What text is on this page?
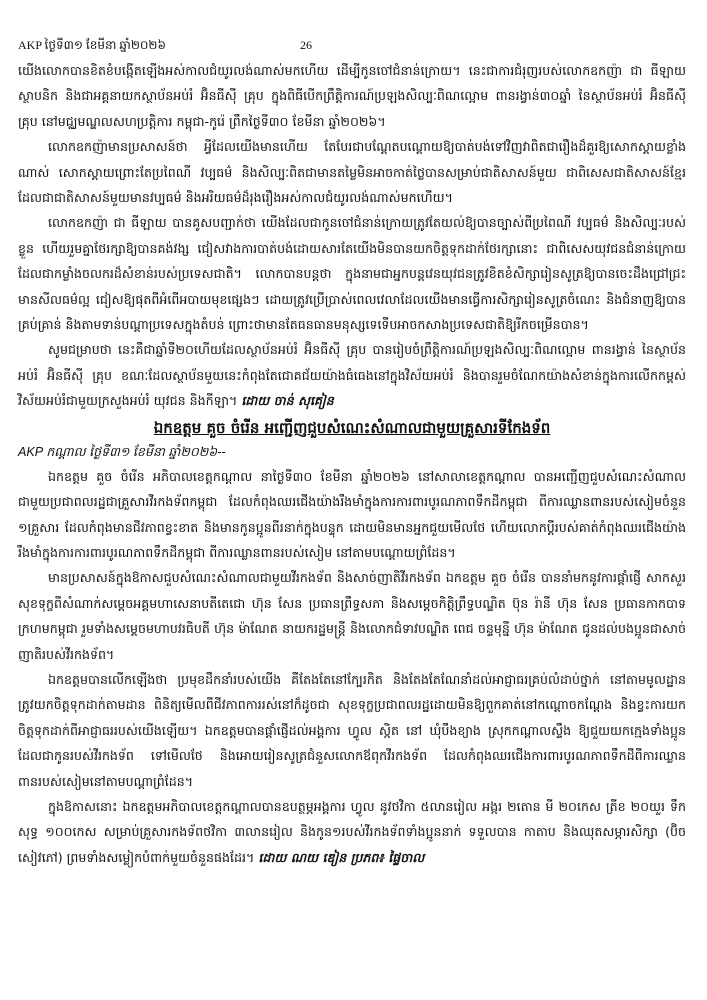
AKP ថ្ងៃទី៣១ ខែមីនា ឆ្នាំ២០២៦	26

យើងលោកបានខិតខំបង្កើតឡើងអស់កាលជំយូរលង់ណាស់មកហើយ ដើម្បីកូនចៅជំនាន់ក្រោយ។ នេះជាការជំរុញរបស់លោកឧកញ៉ា ជា ធី​ឡាយ ស្ថាបនិក និងជាអគ្គនាយកស្ថាប័នអប់រំ អ៊ិនធីស៊ី គ្រុប ក្នុងពិធីបើកព្រឹត្តិការណ៍ប្រឡងសិល្បៈពិណល្អោ​ម​ ពានរង្វាន់៣០ឆ្នាំ នៃស្ថាប័នអប់រំ អ៊ិនធីស៊ី គ្រុប នៅមជ្ឈមណ្ឌលសហប្រត្តិការ កម្ពុជា-កូរ៉េ ព្រឹកថ្ងៃទី៣០ ខែមីនា ឆ្នាំ២០២៦។

លោកឧកញ៉ាមានប្រសាសន៍ថា អ្វីដែលយើងមានហើយ តែបែរជាបណ្តែតបណ្តោយឱ្យបាត់បង់ទៅវិញវាពិតជារឿងដ៏គួរឱ្យសោកស្តាយខ្លាំងណាស់ សោកស្តាយព្រោះតែប្រពៃណី វប្បធម៌ និងសិល្បៈពិតជាមានតម្លៃមិនអាចកាត់ថ្លៃបានសម្រាប់ជាតិសាសន៍មួយ ជាពិសេសជាតិសាសន៍ខ្មែរ ដែលជាជាតិសាសន៍មួយមានវប្បធម៌ និងអរិយធម៌ដ៏រុងរឿងអស់កាលជំយូរលង់ណាស់មកហើយ។

លោកឧកញ៉ា ជា ធី​ឡាយ បានគូសបញ្ជាក់ថា យើងដែលជាកូនចៅជំនាន់ក្រោយត្រូវតែយល់ឱ្យបានច្បាស់ពីប្រពៃណី វប្បធម៌ និងសិល្បៈរបស់ខ្លួន ហើយរួមគ្នាថែរក្សាឱ្យបានគង់វង្ស ជៀសវាងការបាត់បង់ដោយសារតែយើងមិនបានយកចិត្តទុកដាក់ថែរក្សានោះ ជាពិសេសយុវជនជំនាន់ក្រោយដែលជាកម្លាំងចលករដ៏សំខាន់របស់ប្រទេសជាតិ។ លោកបានបន្តថា ក្នុងនាមជាអ្នកបន្តវេនយុវជនត្រូវខិតខំសិក្សារៀនសូត្រឱ្យបានចេះដឹងជ្រៅជ្រះ មានសីលធម៌ល្អ ជៀសឱ្យផុតពីអំពើអបាយមុខផ្សេងៗ ដោយត្រូវប្រើប្រាស់ពេលវេលាដែលយើងមានធ្វើការសិក្សារៀនសូត្រចំណេះ និងជំនាញឱ្យបានគ្រប់គ្រាន់ និងតាមទាន់បណ្តាប្រទេសក្នុងតំបន់ ព្រោះថាមានតែធនធានមនុស្សទេទើបអាចកសាងប្រទេសជាតិឱ្យរីកចម្រើនបាន។

សូមជម្រាបថា នេះគឺជាឆ្នាំទី២០ហើយដែលស្ថាប័នអប់រំ អ៊ិនធីស៊ី គ្រុប បានរៀបចំព្រឹត្តិការណ៍ប្រឡងសិល្បៈពិណល្អោម ពានរង្វាន់ នៃស្ថាប័នអប់រំ អ៊ិនធីស៊ី គ្រុប ខណៈដែលស្ថាប័នមួយនេះកំពុងតែជោគជ័យយ៉ាងធំធេងនៅក្នុងវិស័យអប់រំ និងបានរួមចំណែកយ៉ាងសំខាន់ក្នុងការលើកកម្ពស់វិស័យអប់រំជាមួយក្រសួងអប់រំ យុវជន និងកីឡា។ ដោយ ចាន់ សុគៀន

ឯកឧត្តម គួច ចំរើន អញ្ជើញជួបសំណេះសំណាលជាមួយគ្រួសារទីកែងទ័ព
AKP កណ្តាល ថ្ងៃទី៣១ ខែមីនា ឆ្នាំ២០២៦--

ឯកឧត្តម គួច ចំរើន អភិបាលខេត្តកណ្តាល នាថ្ងៃទី៣០ ខែមីនា ឆ្នាំ២០២៦ នៅសាលាខេត្តកណ្តាល បានអញ្ជើញជួបសំណេះសំណាល ជាមួយប្រជាពលរដ្ឋជាគ្រួសារវីរកងទ័ពកម្ពុជា ដែលកំពុងឈរជើងយ៉ាងរឹងមាំក្នុងការការពារបូរណភាពទឹកដីកម្ពុជា ពីការឈ្លានពានរបស់សៀមចំនួន ១គ្រួសារ ដែលកំពុងមានជីវភាពខ្វះខាត និងមានកូនប្អូនពីរនាក់ក្នុងបន្ទុក ដោយមិនមានអ្នកជួយមើលថែ ហើយលោកប្តីរបស់គាត់កំពុងឈរជើងយ៉ាងរឹងមាំក្នុងការការពារបូរណភាពទឹកដីកម្ពុជា ពីការឈ្លានពានរបស់សៀម នៅតាមបណ្តោយព្រំដែន។

មានប្រសាសន៍ក្នុងឱកាសជួបសំណេះសំណាលជាមួយវីរកងទ័ព និងសាច់ញាតិវីរកងទ័ព ឯកឧត្តម គួច ចំរើន បាននាំមកនូវការផ្តាំផ្ញើ សាកសួរសុខទុក្ខពីសំណាក់សម្តេចអគ្គមហាសេនាបតីតេជោ ហ៊ុន សែន ប្រធានព្រឹទ្ធសភា និងសម្តេចកិត្តិព្រឹទ្ធបណ្ឌិត ប៊ុន រ៉ានី ហ៊ុន សែន ប្រធានកាកបាទក្រហមកម្ពុជា រួមទាំងសម្តេចមហាបវរធិបតី ហ៊ុន ម៉ាណែត នាយករដ្ឋមន្ត្រី និងលោកជំទាវបណ្ឌិត ពេជ ចន្ទមុន្នី ហ៊ុន ម៉ាណែត ជូនដល់បងប្អូនជាសាច់ញាតិរបស់វីរកងទ័ព។

ឯកឧត្តមបានលើកឡើងថា ប្រមុខដឹកនាំរបស់យើង គឺតែងតែនៅក្បែរកិត និងតែងតែណែនាំដល់អាជ្ញាធរគ្រប់លំដាប់ថ្នាក់ នៅតាមមូលដ្ឋាន ត្រូវយកចិត្តទុកដាក់តាមដាន ពិនិត្យមើលពីជីវភាពការរស់នៅក៏ដូចជា សុខទុក្ខប្រជាពលរដ្ឋដោយមិនឱ្យពួកគាត់នៅកណ្តោចកណ្តែង និងខ្វះការយកចិត្តទុកដាក់ពីអាជ្ញាធររបស់យើងឡើយ។ ឯកឧត្តមបានផ្តាំផ្ញើដល់អង្គការ ហ្វូល ស្កិត នៅ ឃុំបឹងខ្យាង ស្រុកកណ្តាលស្ទឹង ឱ្យជួយយកក្មេងទាំងប្អូនដែលជាកូនរបស់វីរកងទ័ព ទៅមើលថែ និងអោយរៀនសូត្រជំនួសលោកឪពុកវីរកងទ័ព ដែលកំពុងឈរជើងការពារបូរណភាពទឹកដីពីការឈ្លានពានរបស់សៀមនៅតាមបណ្តាព្រំដែន។

ក្នុងឱកាសនោះ ឯកឧត្តមអភិបាលខេត្តកណ្តាលបានឧបត្ថម្ភអង្គការ ហ្វូល នូវថវិកា ៥លានរៀល អង្ករ ២តោន មី ២០កេស ត្រីខ ២០យួរ ទឹកសុទ្ធ ១០០កេស សម្រាប់គ្រួសារកងទ័ពថវិកា ៣លានរៀល និងកូន១របស់វីរកងទ័ពទាំងប្អូននាក់ ទទួលបាន កាតាប និងឈុតសម្ភារសិក្សា (ប៊ិច សៀវភៅ) ព្រមទាំងសម្លៀកបំពាក់មួយចំនួនផងដែរ។ ដោយ ណយ ឌៀន ប្រភព៖ ផ្ទៃចាល
